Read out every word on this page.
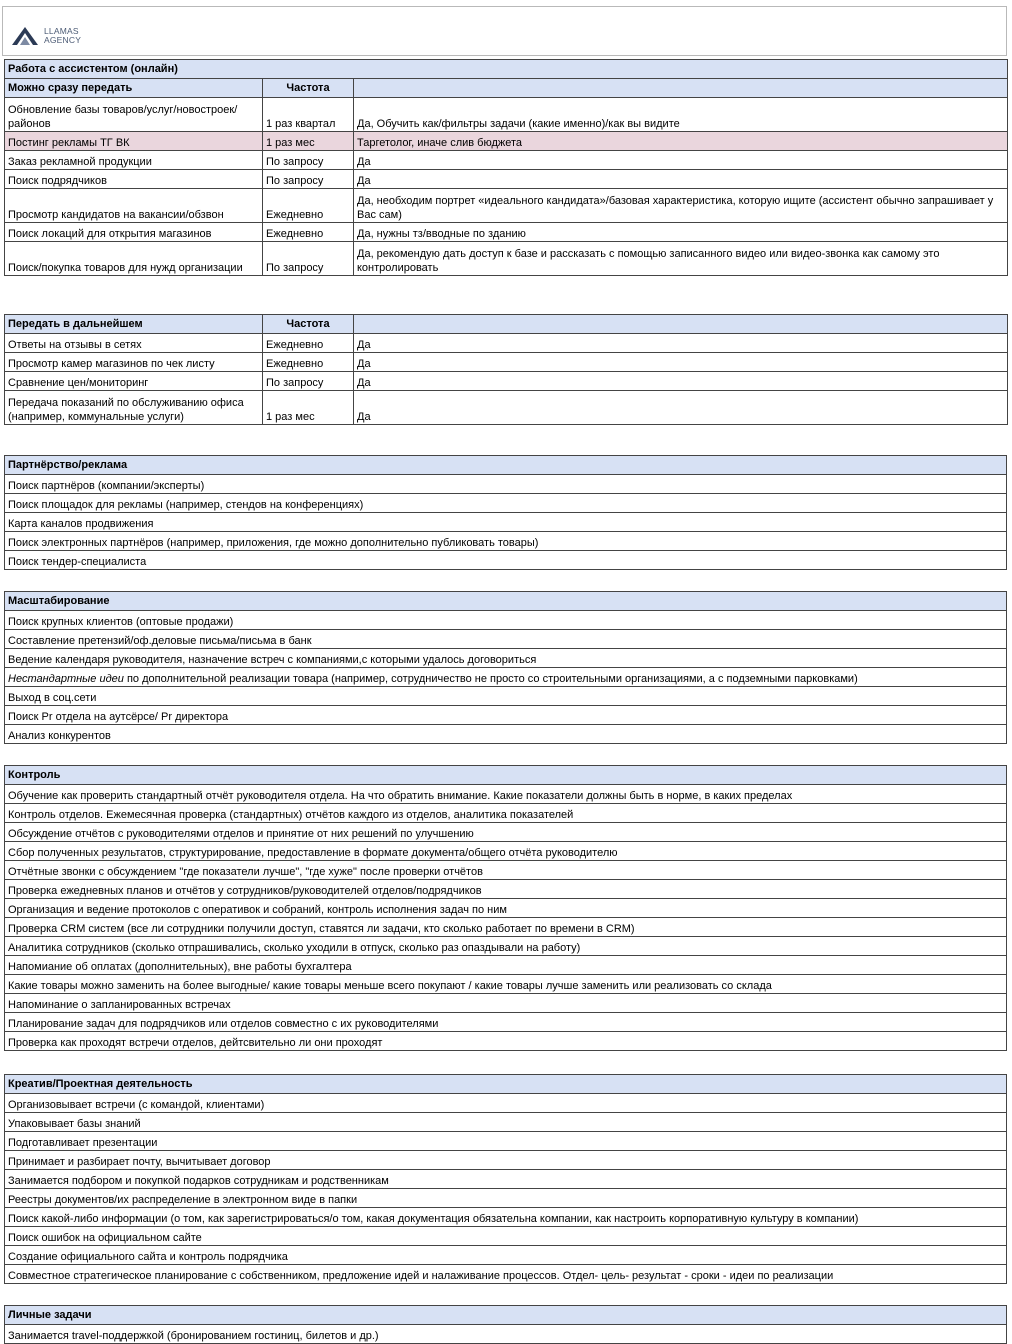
LLAMAS
AGENCY
Работа с ассистентом (онлайн)		
Можно сразу передать	Частота	
Обновление базы товаров/услуг/новостроек/районов	1 раз квартал	Да, Обучить как/фильтры задачи (какие именно)/как вы видите
Постинг рекламы ТГ ВК	1 раз мес	Таргетолог, иначе слив бюджета
Заказ рекламной продукции	По запросу	Да
Поиск подрядчиков	По запросу	Да
Просмотр кандидатов на вакансии/обзвон	Ежедневно	Да, необходим портрет «идеального кандидата»/базовая характеристика, которую ищите (ассистент обычно запрашивает у Вас сам)
Поиск локаций для открытия магазинов	Ежедневно	Да, нужны тз/вводные по зданию
Поиск/покупка товаров для нужд организации	По запросу	Да, рекомендую дать доступ к базе и рассказать с помощью записанного видео или видео-звонка как самому это контролировать
Передать в дальнейшем	Частота	
Ответы на отзывы в сетях	Ежедневно	Да
Просмотр камер магазинов по чек листу	Ежедневно	Да
Сравнение цен/мониторинг	По запросу	Да
Передача показаний по обслуживанию офиса (например, коммунальные услуги)	1 раз мес	Да
Партнёрство/реклама
Поиск партнёров (компании/эксперты)
Поиск площадок для рекламы (например, стендов на конференциях)
Карта каналов продвижения
Поиск электронных партнёров (например, приложения, где можно дополнительно публиковать товары)
Поиск тендер-специалиста
Масштабирование
Поиск крупных клиентов (оптовые продажи)
Составление претензий/оф.деловые письма/письма в банк
Ведение календаря руководителя, назначение встреч с компаниями,с которыми удалось договориться
Нестандартные идеи по дополнительной реализации товара (например, сотрудничество не просто со строительными организациями, а с подземными парковками)
Выход в соц.сети
Поиск Pr отдела на аутсёрсе/ Pr директора
Анализ конкурентов
Контроль
Обучение как проверить стандартный отчёт руководителя отдела. На что обратить внимание. Какие показатели должны быть в норме, в каких пределах
Контроль отделов. Ежемесячная проверка (стандартных) отчётов каждого из отделов, аналитика показателей
Обсуждение отчётов с руководителями отделов и принятие от них решений по улучшению
Сбор полученных результатов, структурирование, предоставление в формате документа/общего отчёта руководителю
Отчётные звонки с обсуждением "где показатели лучше", "где хуже" после проверки отчётов
Проверка ежедневных планов и отчётов у сотрудников/руководителей отделов/подрядчиков
Организация и ведение протоколов с оперативок и собраний, контроль исполнения задач по ним
Проверка CRM систем (все ли сотрудники получили доступ, ставятся ли задачи, кто сколько работает по времени в CRM)
Аналитика сотрудников (сколько отпрашивались, сколько уходили в отпуск, сколько раз опаздывали на работу)
Напомиание об оплатах (дополнительных), вне работы бухгалтера
Какие товары можно заменить на более выгодные/ какие товары меньше всего покупают / какие товары лучше заменить или реализовать со склада
Напоминание о запланированных встречах
Планирование задач для подрядчиков или отделов совместно с их руководителями
Проверка как проходят встречи отделов, дейтсвительно ли они проходят
Креатив/Проектная деятельность
Организовывает встречи (с командой, клиентами)
Упаковывает базы знаний
Подготавливает презентации
Принимает и разбирает почту, вычитывает договор
Занимается подбором и покупкой подарков сотрудникам и родственникам
Реестры документов/их распределение в электронном виде в папки
Поиск какой-либо информации (о том, как зарегистрироваться/о том, какая документация обязательна компании, как настроить корпоративную культуру в компании)
Поиск ошибок на официальном сайте
Создание официального сайта и контроль подрядчика
Совместное стратегическое планирование с собственником, предложение идей и налаживание процессов. Отдел- цель- результат - сроки - идеи по реализации
Личные задачи
Занимается travel-поддержкой (бронированием гостиниц, билетов и др.)
